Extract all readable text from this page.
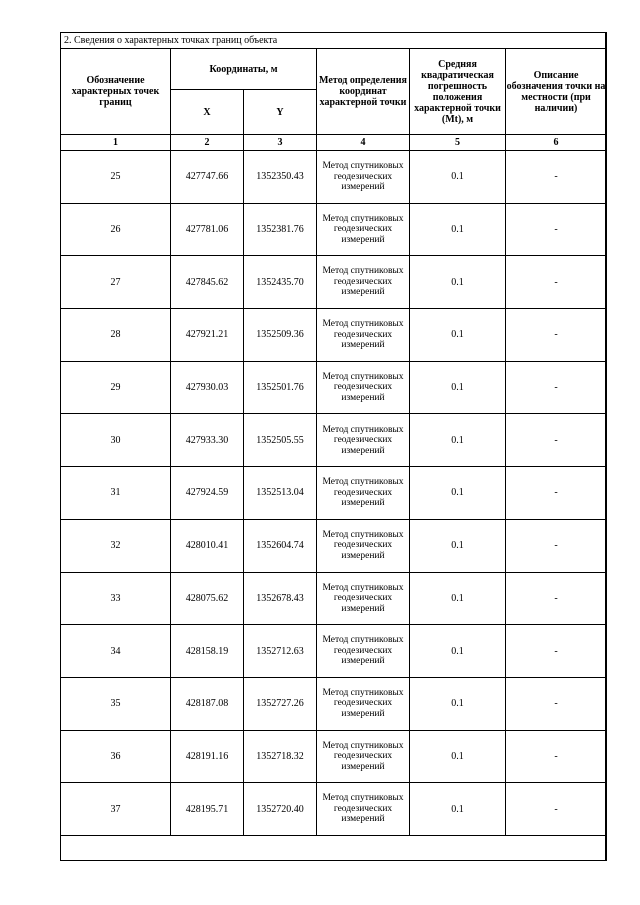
2. Сведения о характерных точках границ объекта					
Обозначение характерных точек границ	Координаты, м		Метод определения координат характерной точки	Средняя квадратическая погрешность положения характерной точки (Mt), м	Описание обозначения точки на местности (при наличии)
	X	Y			
1	2	3	4	5	6
25	427747.66	1352350.43	Метод спутниковых геодезических измерений	0.1	-
26	427781.06	1352381.76	Метод спутниковых геодезических измерений	0.1	-
27	427845.62	1352435.70	Метод спутниковых геодезических измерений	0.1	-
28	427921.21	1352509.36	Метод спутниковых геодезических измерений	0.1	-
29	427930.03	1352501.76	Метод спутниковых геодезических измерений	0.1	-
30	427933.30	1352505.55	Метод спутниковых геодезических измерений	0.1	-
31	427924.59	1352513.04	Метод спутниковых геодезических измерений	0.1	-
32	428010.41	1352604.74	Метод спутниковых геодезических измерений	0.1	-
33	428075.62	1352678.43	Метод спутниковых геодезических измерений	0.1	-
34	428158.19	1352712.63	Метод спутниковых геодезических измерений	0.1	-
35	428187.08	1352727.26	Метод спутниковых геодезических измерений	0.1	-
36	428191.16	1352718.32	Метод спутниковых геодезических измерений	0.1	-
37	428195.71	1352720.40	Метод спутниковых геодезических измерений	0.1	-
